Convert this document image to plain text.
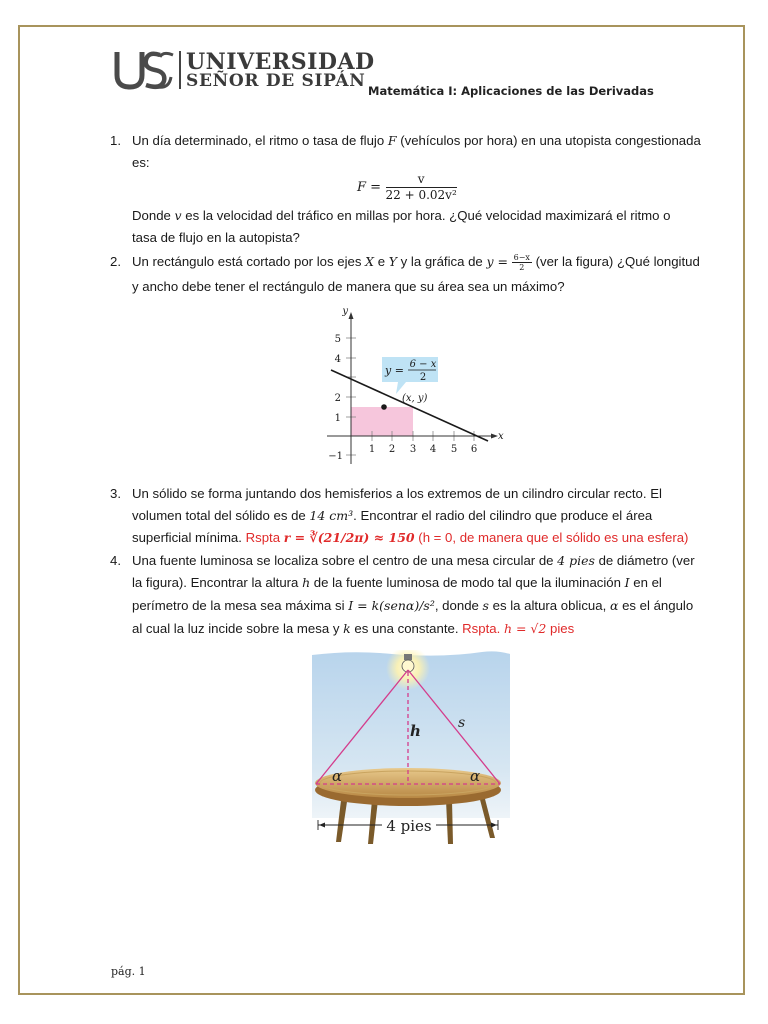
UNIVERSIDAD
SEÑOR DE SIPÁN Matemática I: Aplicaciones de las Derivadas
1. Un día determinado, el ritmo o tasa de flujo F (vehículos por hora) en una utopista congestionada
es:
$F = \frac{v}{\text{22 + 0.02v²}}$
Donde v es la velocidad del tráfico en millas por hora. ¿Qué velocidad maximizará el ritmo o
tasa de flujo en la autopista?
2. Un rectángulo está cortado por los ejes X e Y y la gráfica de $y = \frac{6-x}{2} (ver$ la figura) ¿Qué longitud
y ancho debe tener el rectángulo de manera que su área sea un máximo?
y
x
5
4
2
1
−1
1 2 3 4 5 6
y = 6 − x
2
(x, y)
3. Un sólido se forma juntando dos hemisferios a los extremos de un cilindro circular recto. El
volumen total del sólido es de 14 cm³. Encontrar el radio del cilindro que produce el área
superficial mínima. Rspta r = ∛(21/2π) ≈ 150 (h = 0, de manera que el sólido es una esfera)
4. Una fuente luminosa se localiza sobre el centro de una mesa circular de 4 pies de diámetro (ver
la figura). Encontrar la altura h de la fuente luminosa de modo tal que la iluminación I en el
perímetro de la mesa sea máxima si I = k(senα)/s², donde s es la altura oblicua, α es el ángulo
al cual la luz incide sobre la mesa y k es una constante. Rspta. h = √2 pies
h	s
α	α
4 pies
pág. 1
